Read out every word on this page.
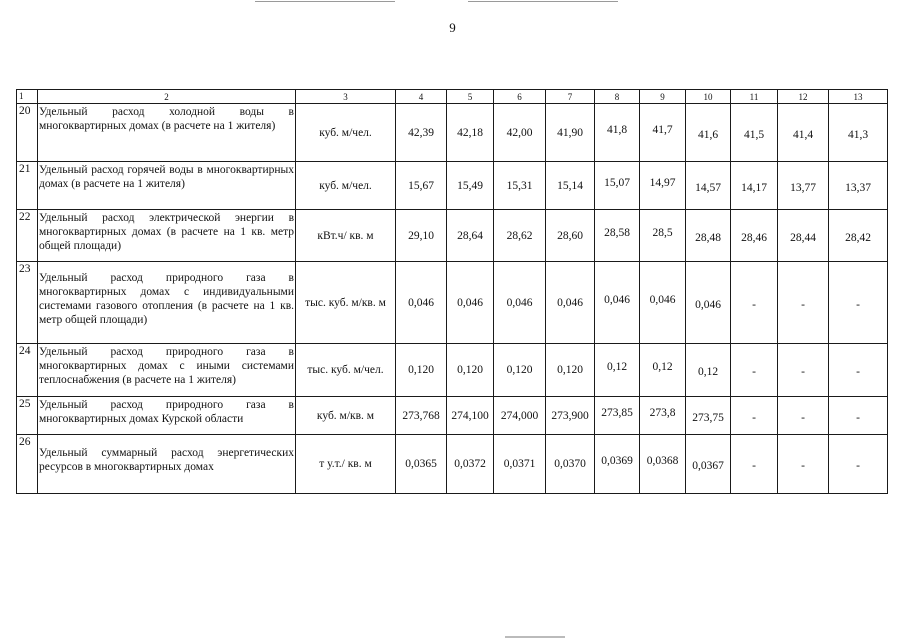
9
1	2	3	4	5	6	7	8	9	10	11	12	13
20	Удельный расход холодной воды в многоквартирных домах (в расчете на 1 жителя)	куб. м/чел.	42,39	42,18	42,00	41,90	41,8	41,7	41,6	41,5	41,4	41,3
21	Удельный расход горячей воды в многоквартирных домах (в расчете на 1 жителя)	куб. м/чел.	15,67	15,49	15,31	15,14	15,07	14,97	14,57	14,17	13,77	13,37
22	Удельный расход электрической энергии в многоквартирных домах (в расчете на 1 кв. метр общей площади)	кВт.ч/ кв. м	29,10	28,64	28,62	28,60	28,58	28,5	28,48	28,46	28,44	28,42
23	Удельный расход природного газа в многоквартирных домах с индивидуальными системами газового отопления (в расчете на 1 кв. метр общей площади)	тыс. куб. м/кв. м	0,046	0,046	0,046	0,046	0,046	0,046	0,046	-	-	-
24	Удельный расход природного газа в многоквартирных домах с иными системами теплоснабжения (в расчете на 1 жителя)	тыс. куб. м/чел.	0,120	0,120	0,120	0,120	0,12	0,12	0,12	-	-	-
25	Удельный расход природного газа в многоквартирных домах Курской области	куб. м/кв. м	273,768	274,100	274,000	273,900	273,85	273,8	273,75	-	-	-
26	Удельный суммарный расход энергетических ресурсов в многоквартирных домах	т у.т./ кв. м	0,0365	0,0372	0,0371	0,0370	0,0369	0,0368	0,0367	-	-	-
